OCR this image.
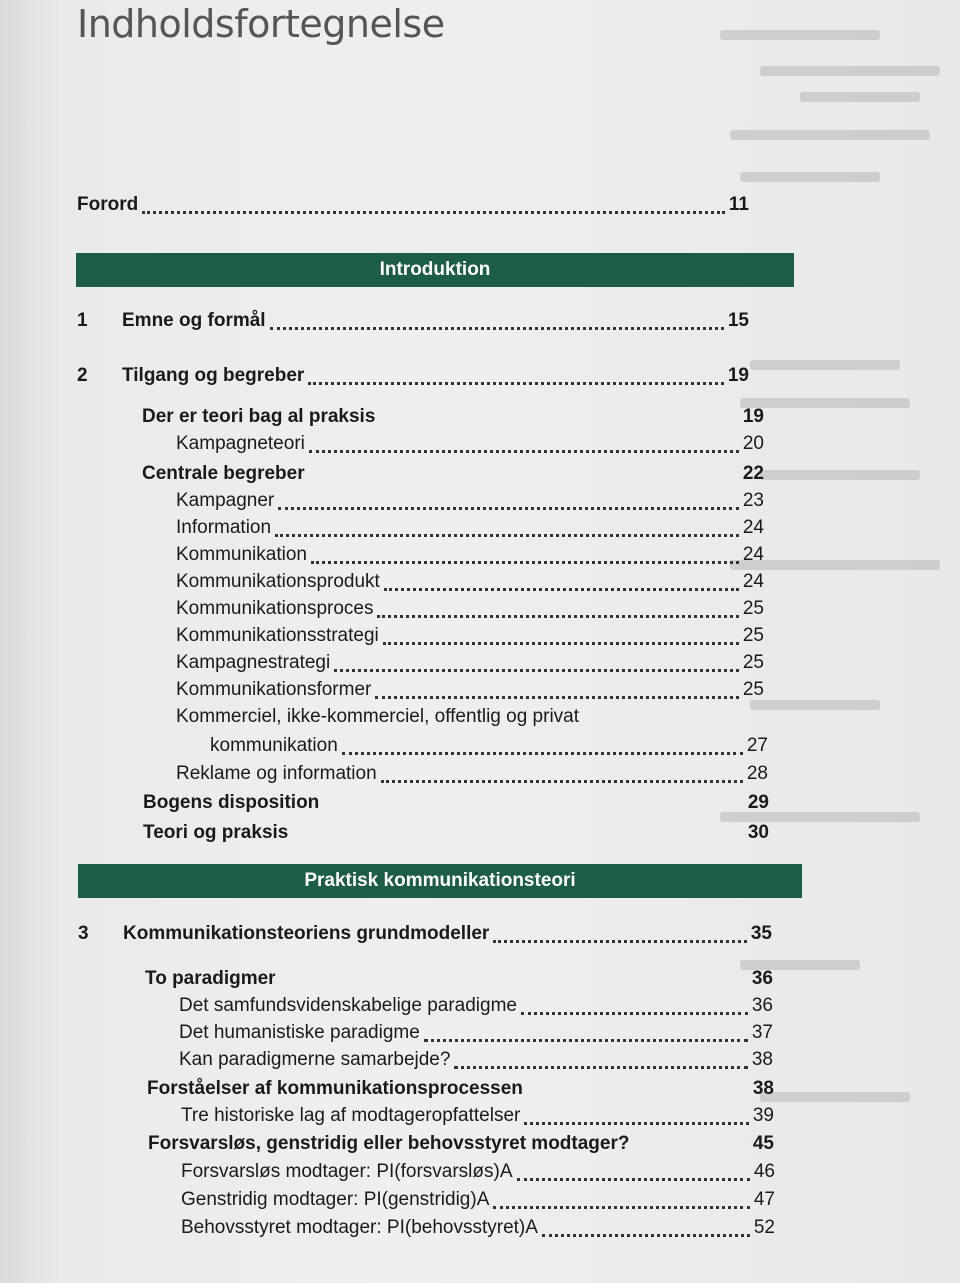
Indholdsfortegnelse
Forord	11
Introduktion
1	Emne og formål	15
2	Tilgang og begreber	19
Der er teori bag al praksis	19
Kampagneteori	20
Centrale begreber	22
Kampagner	23
Information	24
Kommunikation	24
Kommunikationsprodukt	24
Kommunikationsproces	25
Kommunikationsstrategi	25
Kampagnestrategi	25
Kommunikationsformer	25
Kommerciel, ikke-kommerciel, offentlig og privat
kommunikation	27
Reklame og information	28
Bogens disposition	29
Teori og praksis	30
Praktisk kommunikationsteori
3	Kommunikationsteoriens grundmodeller	35
To paradigmer	36
Det samfundsvidenskabelige paradigme	36
Det humanistiske paradigme	37
Kan paradigmerne samarbejde?	38
Forståelser af kommunikationsprocessen	38
Tre historiske lag af modtageropfattelser	39
Forsvarsløs, genstridig eller behovsstyret modtager?	45
Forsvarsløs modtager: PI(forsvarsløs)A	46
Genstridig modtager: PI(genstridig)A	47
Behovsstyret modtager: PI(behovsstyret)A	52
